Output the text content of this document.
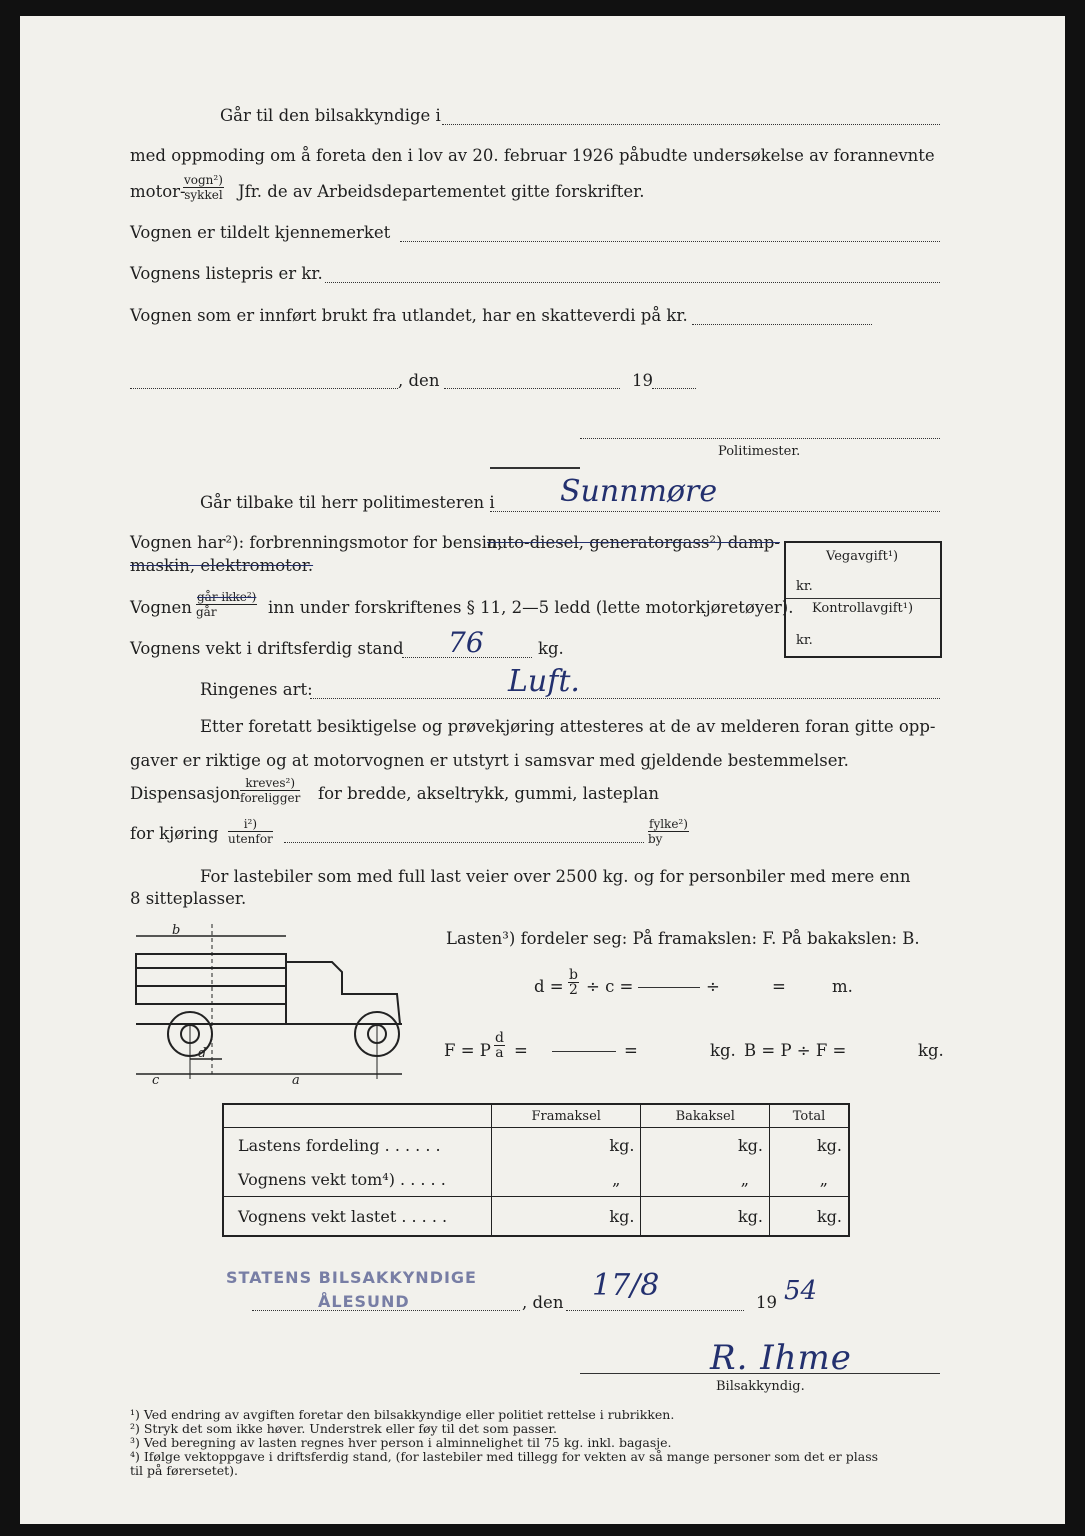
Går til den bilsakkyndige i
med oppmoding om å foreta den i lov av 20. februar 1926 påbudte undersøkelse av forannevnte
motor-
vogn²)
sykkel Jfr. de av Arbeidsdepartementet gitte forskrifter.
Vognen er tildelt kjennemerket
Vognens listepris er kr.
Vognen som er innført brukt fra utlandet, har en skatteverdi på kr.
, den	19
Politimester.
Går tilbake til herr politimesteren i Sunnmøre
Vognen har²): forbrenningsmotor for bensin,
auto-diesel, generatorgass²) damp-
maskin, elektromotor.
Vognen
går ikke²)
går	inn under forskriftenes § 11, 2—5 ledd (lette motorkjøretøyer).
Vognens vekt i driftsferdig stand 76	kg.
Ringenes art:	Luft.
Vegavgift¹)
kr.
Kontrollavgift¹)
kr.
Etter foretatt besiktigelse og prøvekjøring attesteres at de av melderen foran gitte opp-
gaver er riktige og at motorvognen er utstyrt i samsvar med gjeldende bestemmelser.
Dispensasjon
kreves²)
foreligger for bredde, akseltrykk, gummi, lasteplan
for kjøring	i²)
utenfor
fylke²)
by
For lastebiler som med full last veier over 2500 kg. og for personbiler med mere enn
8 sitteplasser.
b
d
c	a
Lasten³) fordeler seg: På framakslen: F. På bakakslen: B.
$d = \frac{b}{2} \div c$ =	÷	=	m.
F = P $\frac{d}{a}$ =	=	kg. B = P ÷ F =	kg.
	Framaksel	Bakaksel	Total
Lastens fordeling . . . . . .	kg.	kg.	kg.
Vognens vekt tom⁴) . . . . .	„	„	„
Vognens vekt lastet . . . . .	kg.	kg.	kg.
STATENS BILSAKKYNDIGE
ÅLESUND	, den 17/8	19 54
R. Ihme
Bilsakkyndig.
¹) Ved endring av avgiften foretar den bilsakkyndige eller politiet rettelse i rubrikken.
²) Stryk det som ikke høver. Understrek eller føy til det som passer.
³) Ved beregning av lasten regnes hver person i alminnelighet til 75 kg. inkl. bagasje.
⁴) Ifølge vektoppgave i driftsferdig stand, (for lastebiler med tillegg for vekten av så mange personer som det er plass
til på førersetet).
